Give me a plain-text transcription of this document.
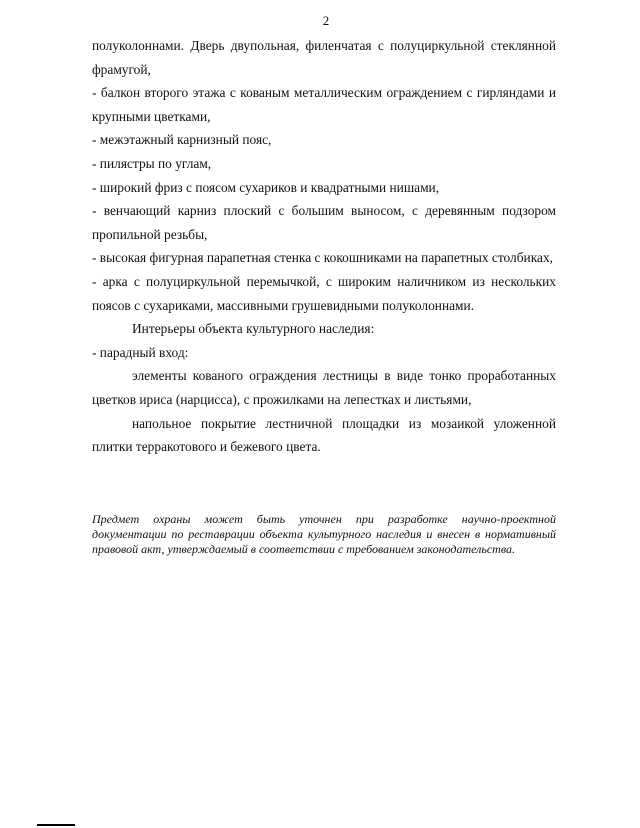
2

полуколоннами. Дверь двупольная, филенчатая с полуциркульной стеклянной фрамугой,

- балкон второго этажа с кованым металлическим ограждением с гирляндами и крупными цветками,

- межэтажный карнизный пояс,

- пилястры по углам,

- широкий фриз с поясом сухариков и квадратными нишами,

- венчающий карниз плоский с большим выносом, с деревянным подзором пропильной резьбы,

- высокая фигурная парапетная стенка с кокошниками на парапетных столбиках,

- арка с полуциркульной перемычкой, с широким наличником из нескольких поясов с сухариками, массивными грушевидными полуколоннами.

Интерьеры объекта культурного наследия:

- парадный вход:

элементы кованого ограждения лестницы в виде тонко проработанных цветков ириса (нарцисса), с прожилками на лепестках и листьями,

напольное покрытие лестничной площадки из мозаикой уложенной плитки терракотового и бежевого цвета.

Предмет охраны может быть уточнен при разработке научно-проектной документации по реставрации объекта культурного наследия и внесен в нормативный правовой акт, утверждаемый в соответствии с требованием законодательства.
